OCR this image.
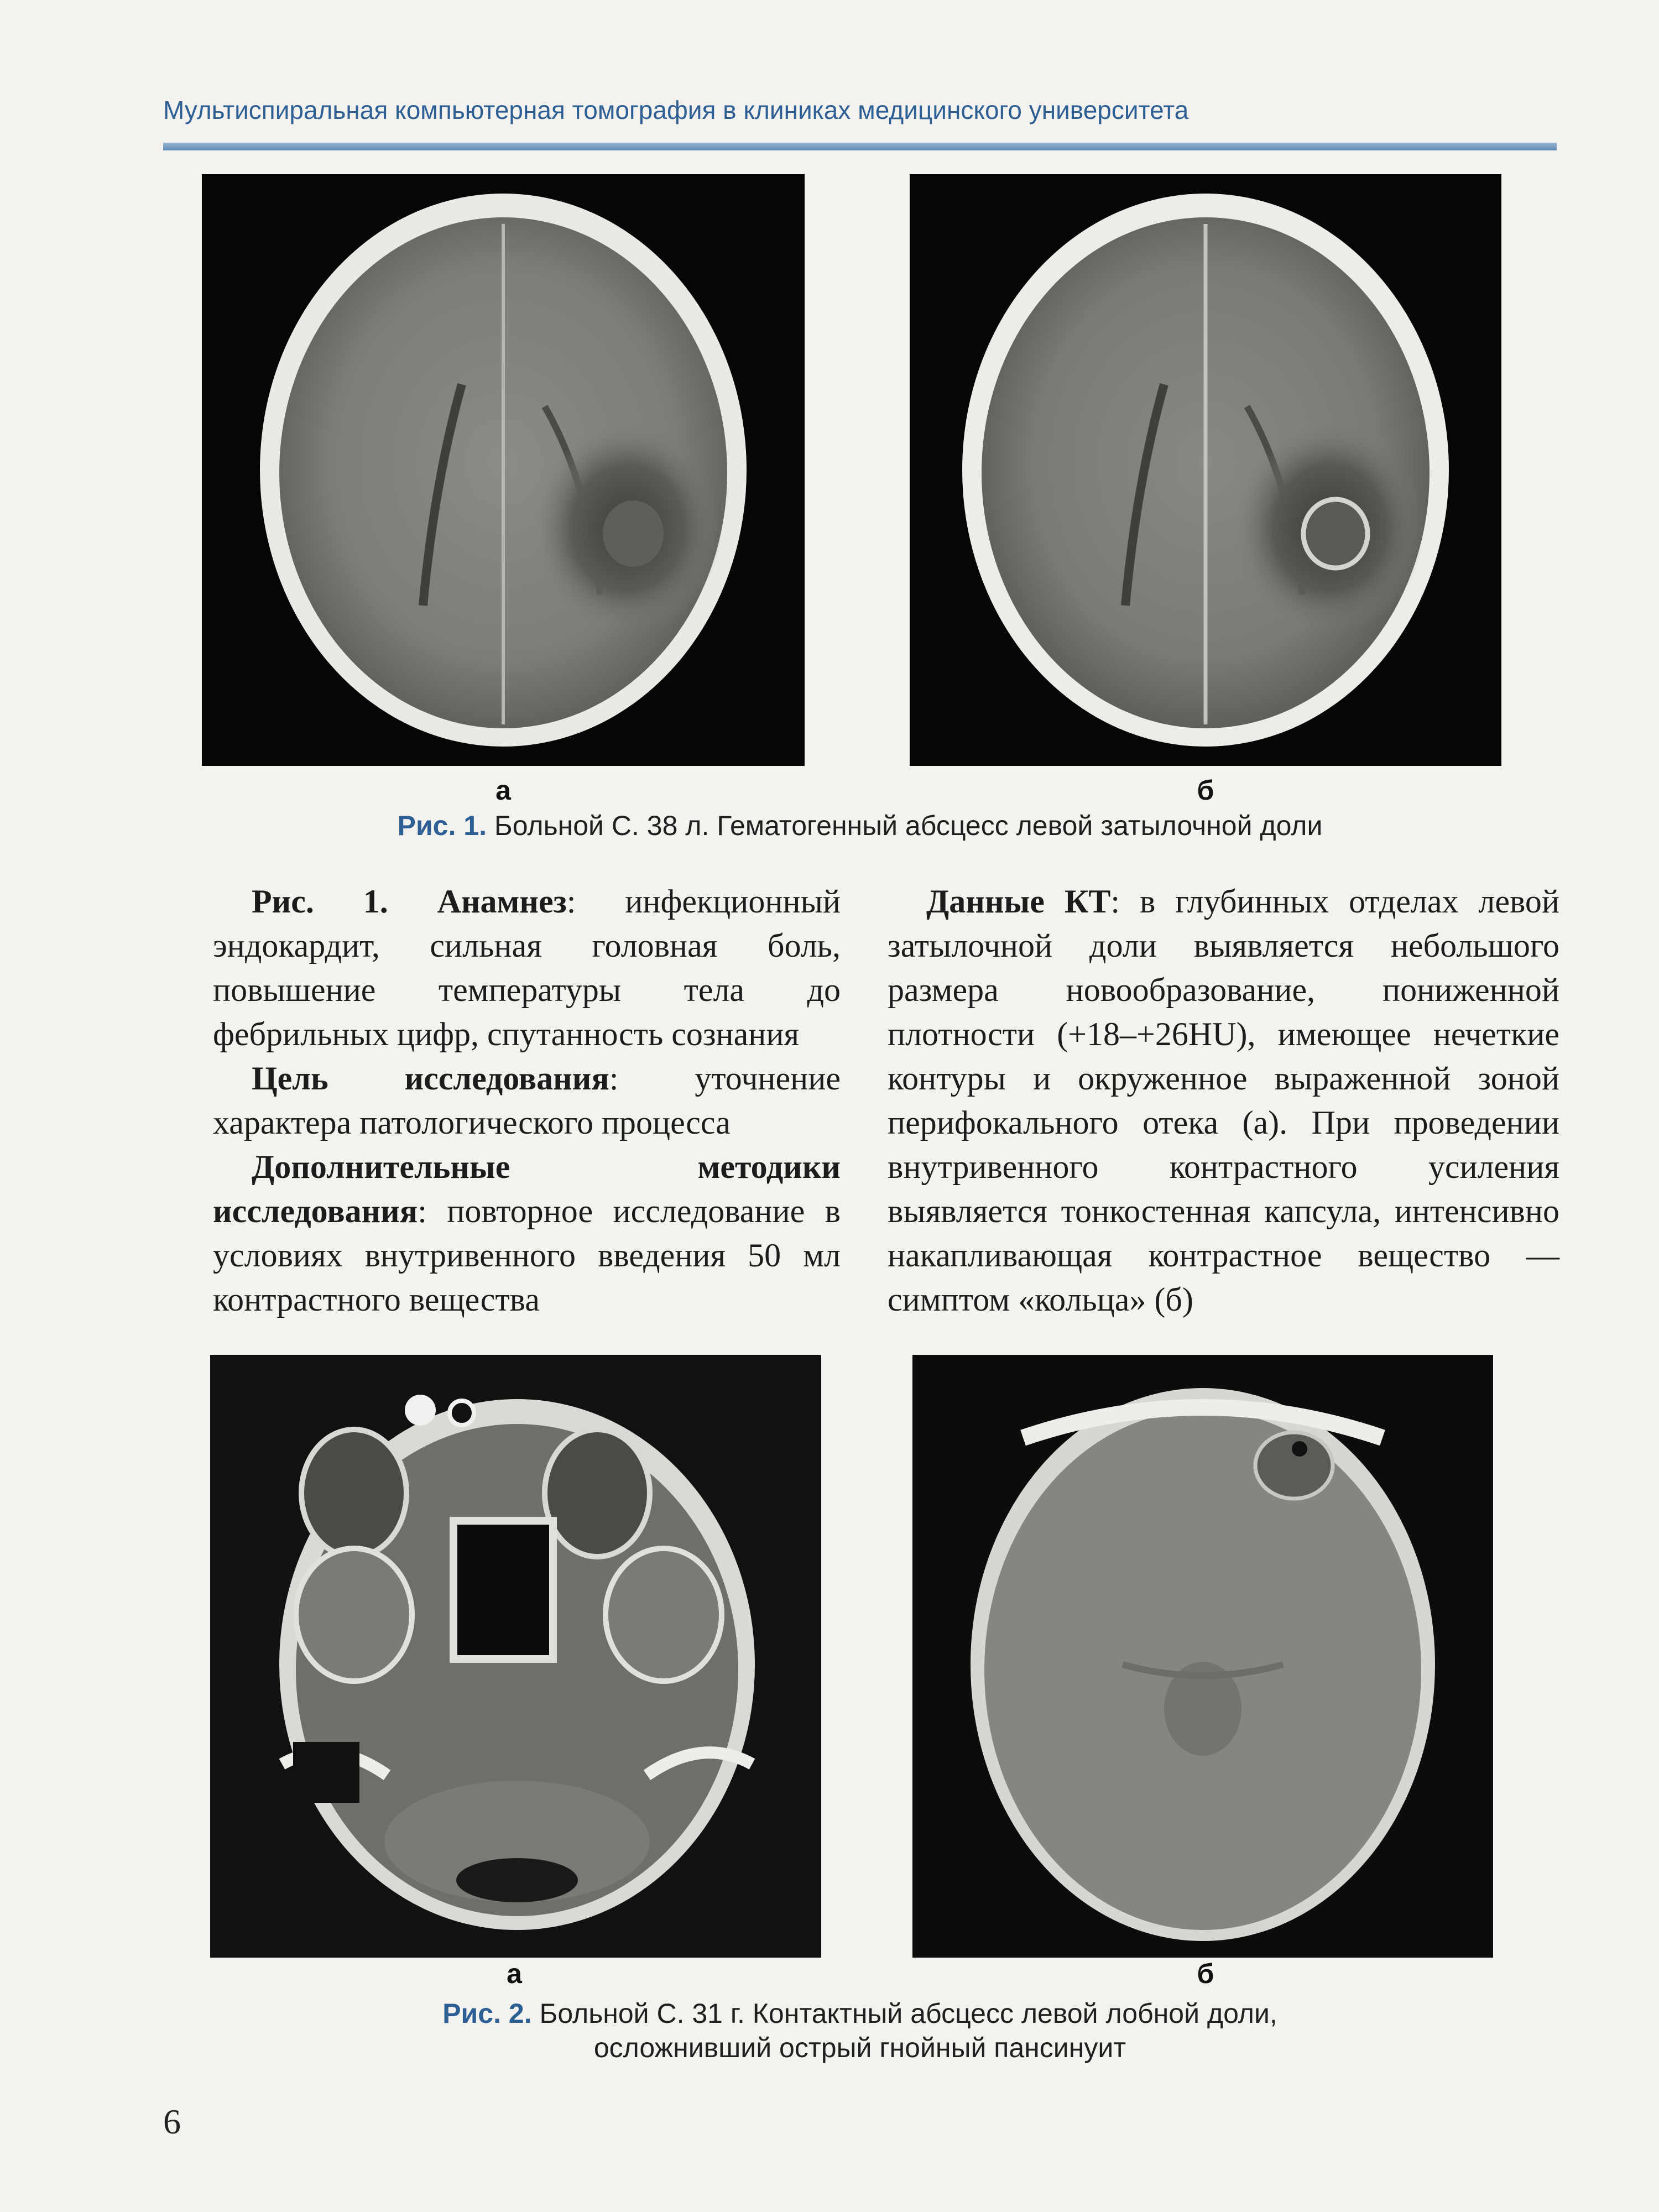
Мультиспиральная компьютерная томография в клиниках медицинского университета
а	б
Рис. 1. Больной С. 38 л. Гематогенный абсцесс левой затылочной доли

Рис. 1. Анамнез: инфекционный эндокардит, сильная головная боль, повышение температуры тела до фебрильных цифр, спутанность сознания

Цель исследования: уточнение характера патологического процесса

Дополнительные методики исследования: повторное исследование в условиях внутривенного введения 50 мл контрастного вещества

Данные КТ: в глубинных отделах левой затылочной доли выявляется небольшого размера новообразование, пониженной плотности (+18–+26HU), имеющее нечеткие контуры и окруженное выраженной зоной перифокального отека (а). При проведении внутривенного контрастного усиления выявляется тонкостенная капсула, интенсивно накапливающая контрастное вещество — симптом «кольца» (б)

а	б
Рис. 2. Больной С. 31 г. Контактный абсцесс левой лобной доли,
осложнивший острый гнойный пансинуит
6
